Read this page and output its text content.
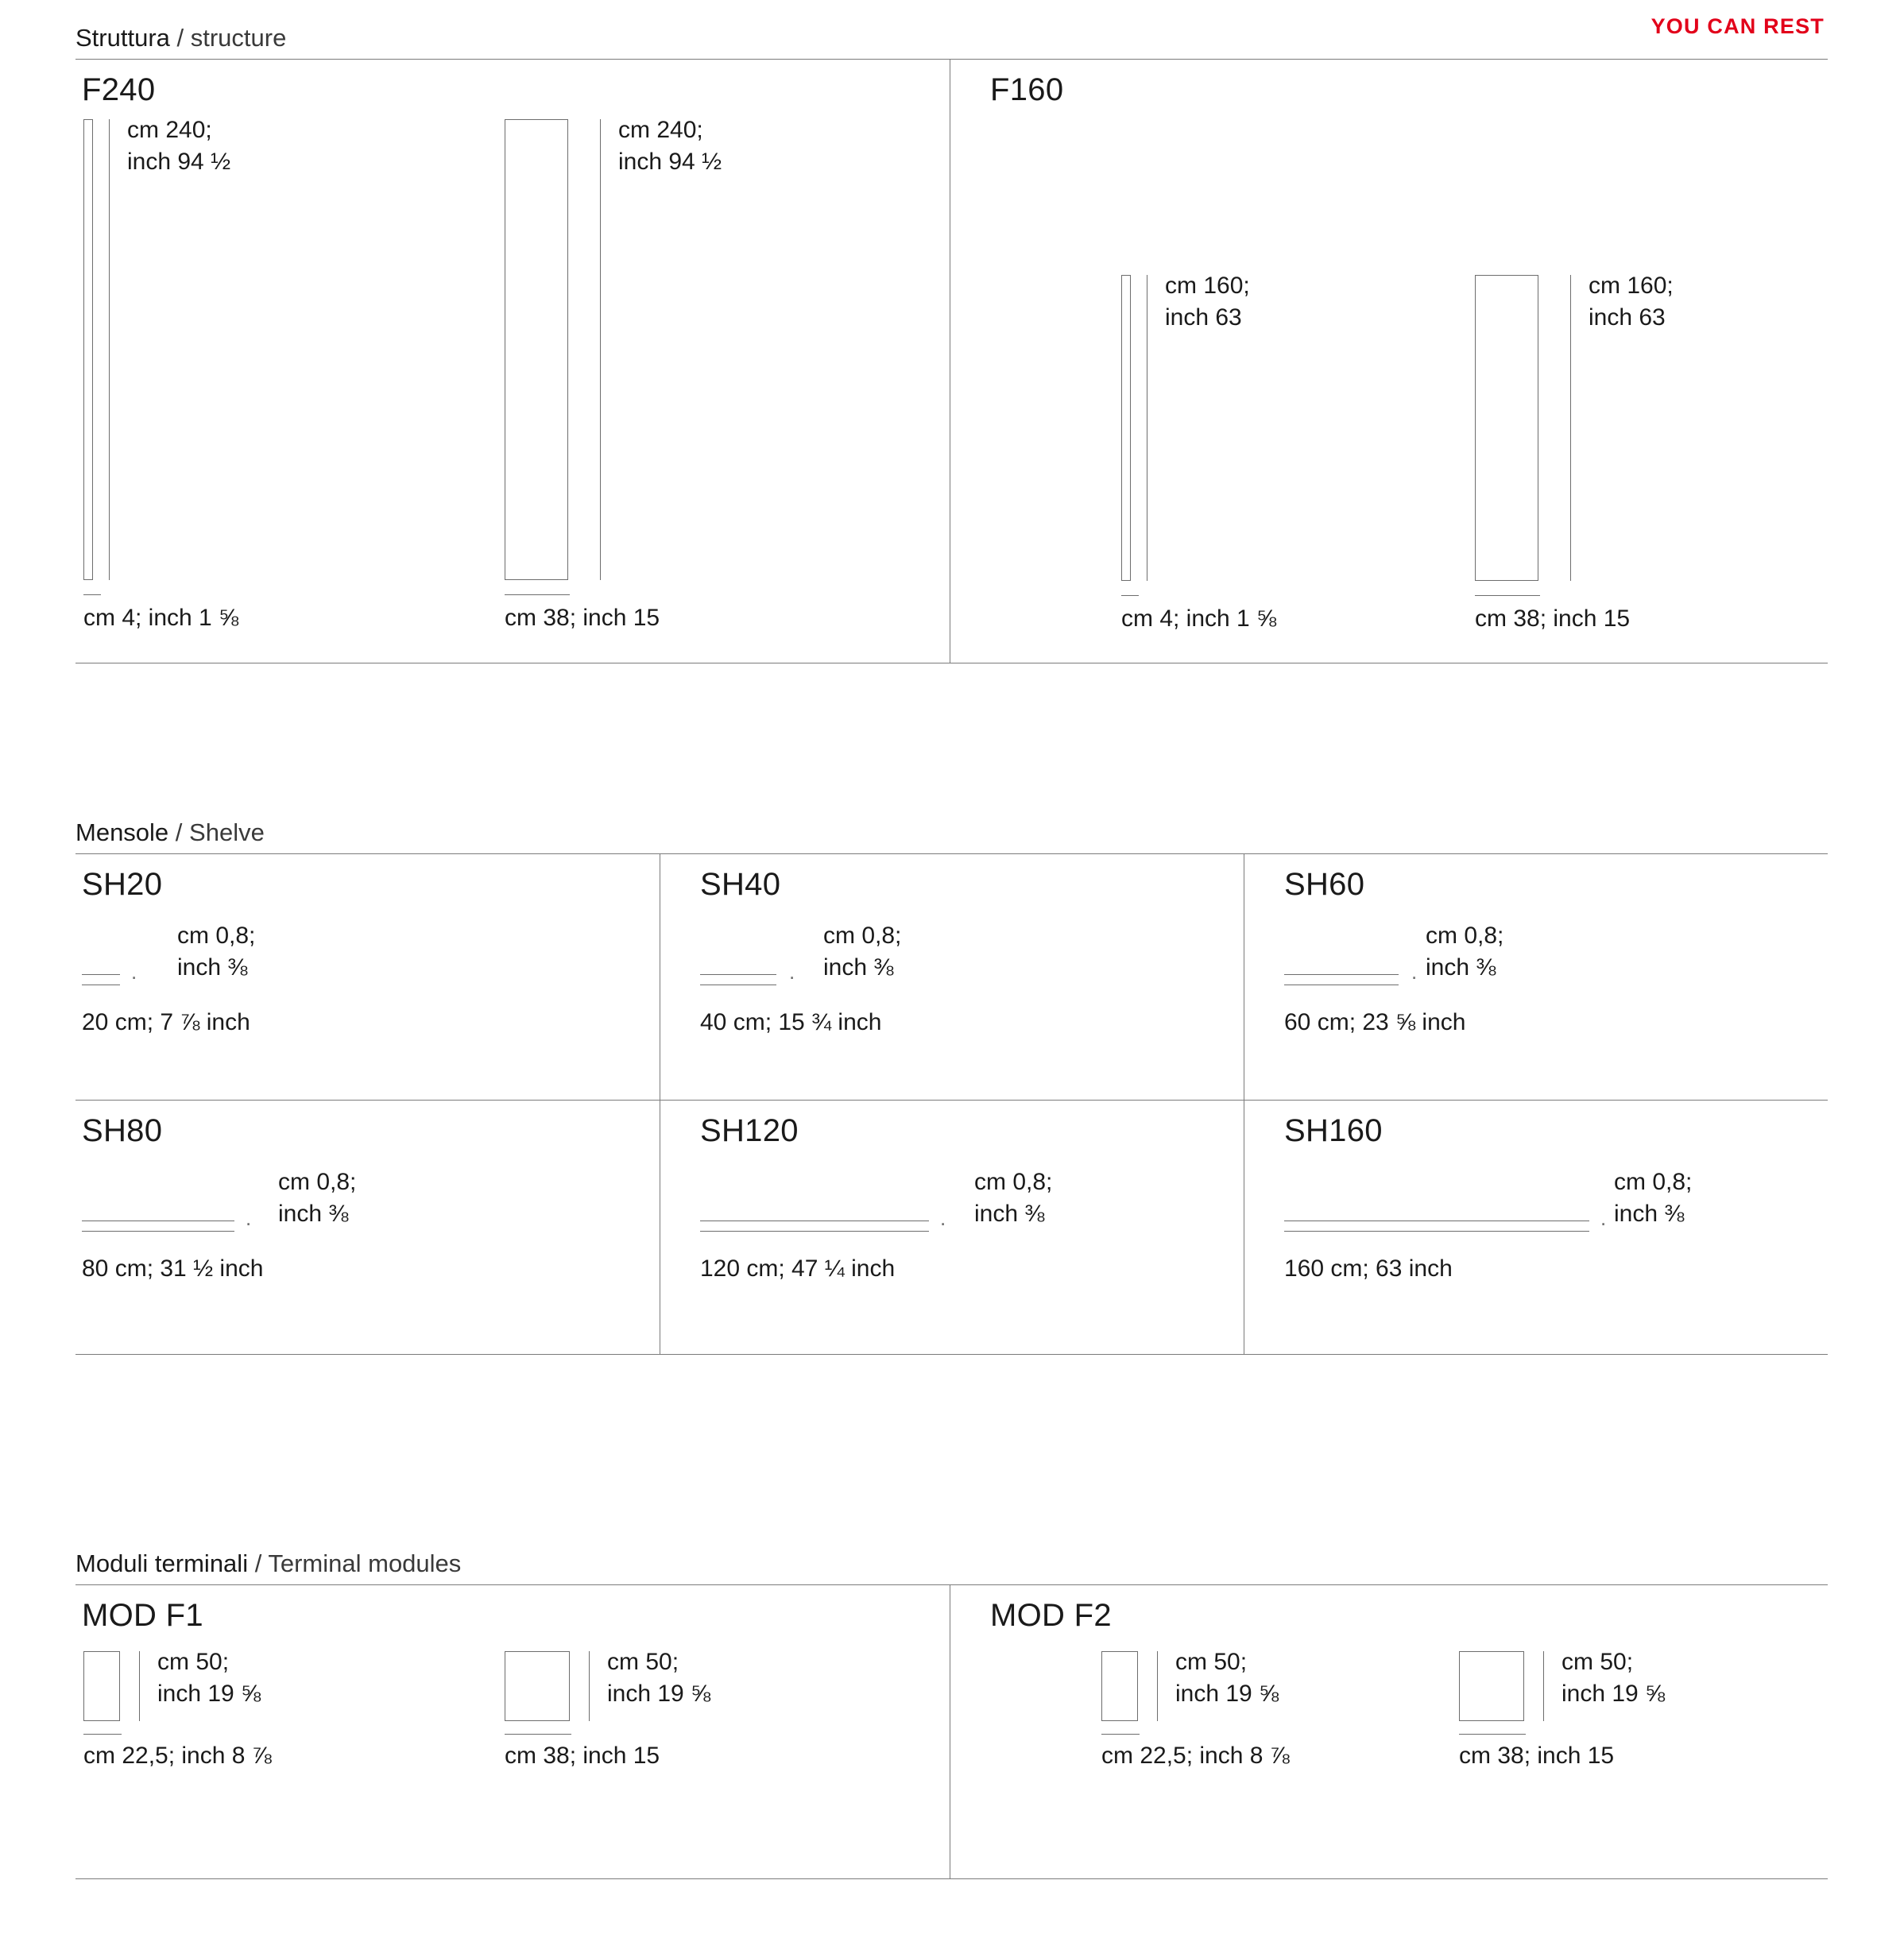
YOU CAN REST
Struttura / structure
F240
cm 240;
inch 94 ½
cm 4; inch 1 ⅝
cm 240;
inch 94 ½
cm 38; inch 15
F160
cm 160;
inch 63
cm 4; inch 1 ⅝
cm 160;
inch 63
cm 38; inch 15
Mensole / Shelve
SH20
cm 0,8;
inch ⅜
.
20 cm; 7 ⅞ inch
SH40
cm 0,8;
inch ⅜
.
40 cm; 15 ¾ inch
SH60
cm 0,8;
inch ⅜
.
60 cm; 23 ⅝ inch
SH80
cm 0,8;
inch ⅜
.
80 cm; 31 ½ inch
SH120
cm 0,8;
inch ⅜
.
120 cm; 47 ¼ inch
SH160
cm 0,8;
inch ⅜
.
160 cm; 63 inch
Moduli terminali / Terminal modules
MOD F1
cm 50;
inch 19 ⅝
cm 22,5; inch 8 ⅞
cm 50;
inch 19 ⅝
cm 38; inch 15
MOD F2
cm 50;
inch 19 ⅝
cm 22,5; inch 8 ⅞
cm 50;
inch 19 ⅝
cm 38; inch 15
